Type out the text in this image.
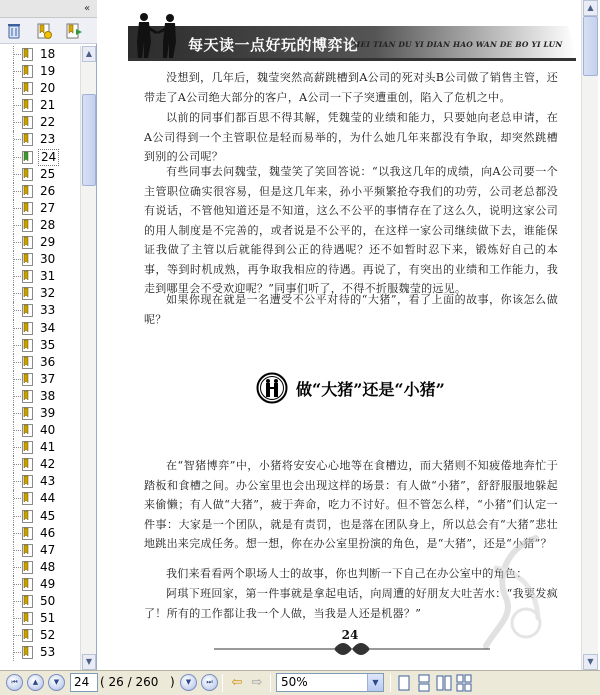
«
18
19
20
21
22
23
24
25
26
27
28
29
30
31
32
33
34
35
36
37
38
39
40
41
42
43
44
45
46
47
48
49
50
51
52
53
▲
▼
每天读一点好玩的博弈论
MEI TIAN DU YI DIAN HAO WAN DE BO YI LUN

没想到，几年后，魏莹突然高薪跳槽到A公司的死对头B公司做了销售主管，还带走了A公司绝大部分的客户，A公司一下子突遭重创，陷入了危机之中。

以前的同事们都百思不得其解，凭魏莹的业绩和能力，只要她向老总申请，在A公司得到一个主管职位是轻而易举的，为什么她几年来都没有争取，却突然跳槽到别的公司呢？

有些同事去问魏莹，魏莹笑了笑回答说：“以我这几年的成绩，向A公司要一个主管职位确实很容易，但是这几年来，孙小平频繁抢夺我们的功劳，公司老总都没有说话，不管他知道还是不知道，这么不公平的事情存在了这么久，说明这家公司的用人制度是不完善的，或者说是不公平的，在这样一家公司继续做下去，谁能保证我做了主管以后就能得到公正的待遇呢？还不如暂时忍下来，锻炼好自己的本事，等到时机成熟，再争取我相应的待遇。再说了，有突出的业绩和工作能力，我走到哪里会不受欢迎呢？”同事们听了，不得不折服魏莹的远见。

如果你现在就是一名遭受不公平对待的“大猪”，看了上面的故事，你该怎么做呢？

做“大猪”还是“小猪”

在“智猪博弈”中，小猪将安安心心地等在食槽边，而大猪则不知疲倦地奔忙于踏板和食槽之间。办公室里也会出现这样的场景：有人做“小猪”，舒舒服服地躲起来偷懒；有人做“大猪”，疲于奔命，吃力不讨好。但不管怎么样，“小猪”们认定一件事：大家是一个团队，就是有责罚，也是落在团队身上，所以总会有“大猪”悲壮地跳出来完成任务。想一想，你在办公室里扮演的角色，是“大猪”，还是“小猪”？

我们来看看两个职场人士的故事，你也判断一下自己在办公室中的角色：

阿琪下班回家，第一件事就是拿起电话，向周遭的好朋友大吐苦水：“我要发疯了！所有的工作都让我一个人做，当我是人还是机器？”

24
▲
▼
⏮	▲	▼	24 ( 26 / 260 )	▼	⏭	⇦ ⇨ 50%	▼
